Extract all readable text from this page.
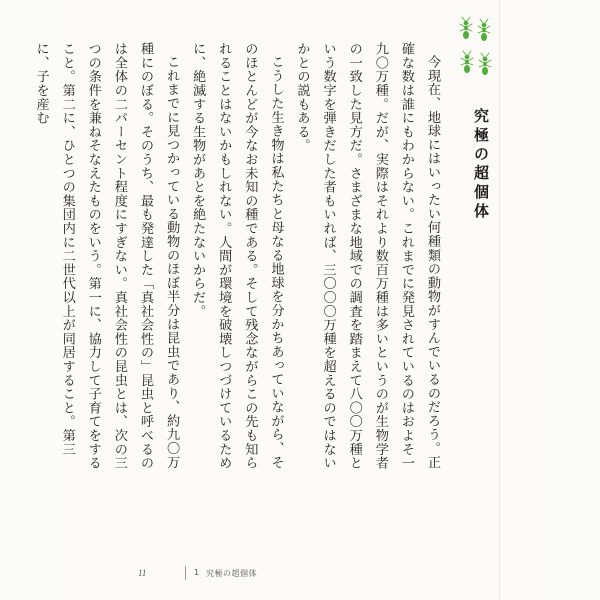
究極の超個体

今現在、地球にはいったい何種類の動物がすんでいるのだろう。正確な数は誰にもわからない。これまでに発見されているのはおよそ一九〇万種。だが、実際はそれより数百万種は多いというのが生物学者の一致した見方だ。さまざまな地域での調査を踏まえて八〇〇万種という数字を弾きだした者もいれば、三〇〇〇万種を超えるのではないかとの説もある。

こうした生き物は私たちと母なる地球を分かちあっていながら、そのほとんどが今なお未知の種である。そして残念ながらこの先も知られることはないかもしれない。人間が環境を破壊しつづけているために、絶滅する生物があとを絶たないからだ。

これまでに見つかっている動物のほぼ半分は昆虫であり、約九〇万種にのぼる。そのうち、最も発達した「真社会性の」昆虫と呼べるのは全体の二パーセント程度にすぎない。真社会性の昆虫とは、次の三つの条件を兼ねそなえたものをいう。第一に、協力して子育てをすること。第二に、ひとつの集団内に二世代以上が同居すること。第三に、子を産む

11	1 究極の超個体
